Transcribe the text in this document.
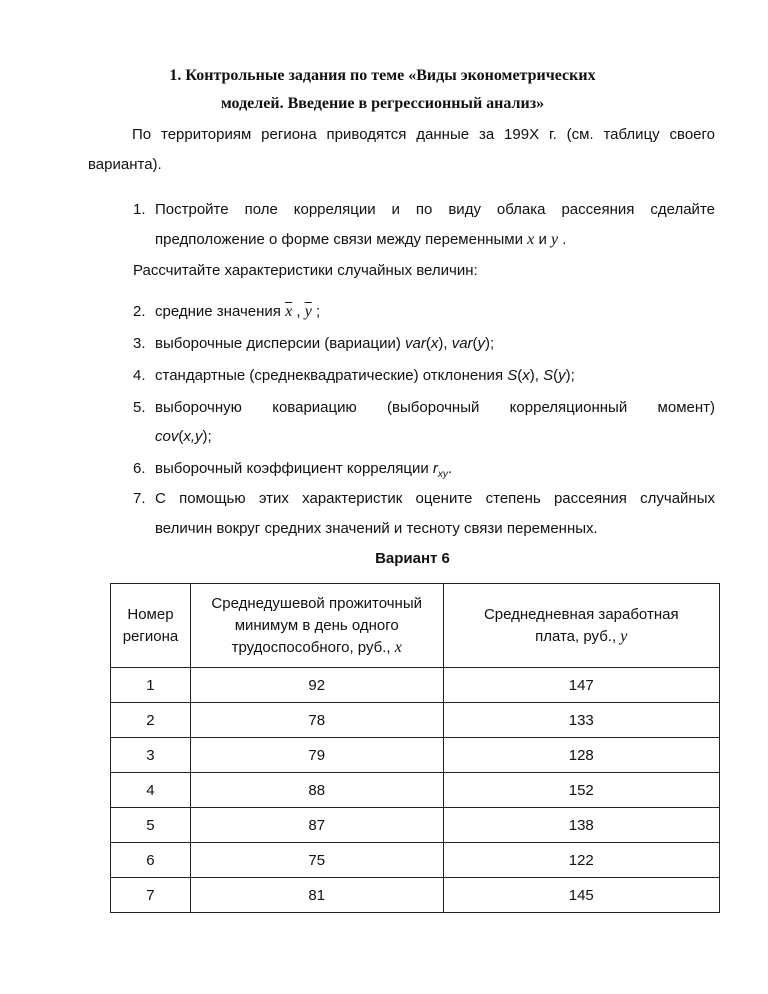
1. Контрольные задания по теме «Виды эконометрических
моделей. Введение в регрессионный анализ»
По территориям региона приводятся данные за 199Х г. (см. таблицу своего
варианта).
1. Постройте поле корреляции и по виду облака рассеяния сделайте
предположение о форме связи между переменными x и y .
Рассчитайте характеристики случайных величин:
2. средние значения $\overline{x}$ , $\overline{y}$ ;
3. выборочные дисперсии (вариации) var(x), var(y);
4. стандартные (среднеквадратические) отклонения S(x), S(y);
5. выборочную ковариацию (выборочный корреляционный момент)
cov(x,y);
6. выборочный коэффициент корреляции $r_{xy}$.
7. С помощью этих характеристик оцените степень рассеяния случайных
величин вокруг средних значений и тесноту связи переменных.
Вариант 6
Номер
региона	Среднедушевой прожиточный
минимум в день одного
трудоспособного, руб., x	Среднедневная заработная
плата, руб., y
1	92	147
2	78	133
3	79	128
4	88	152
5	87	138
6	75	122
7	81	145
